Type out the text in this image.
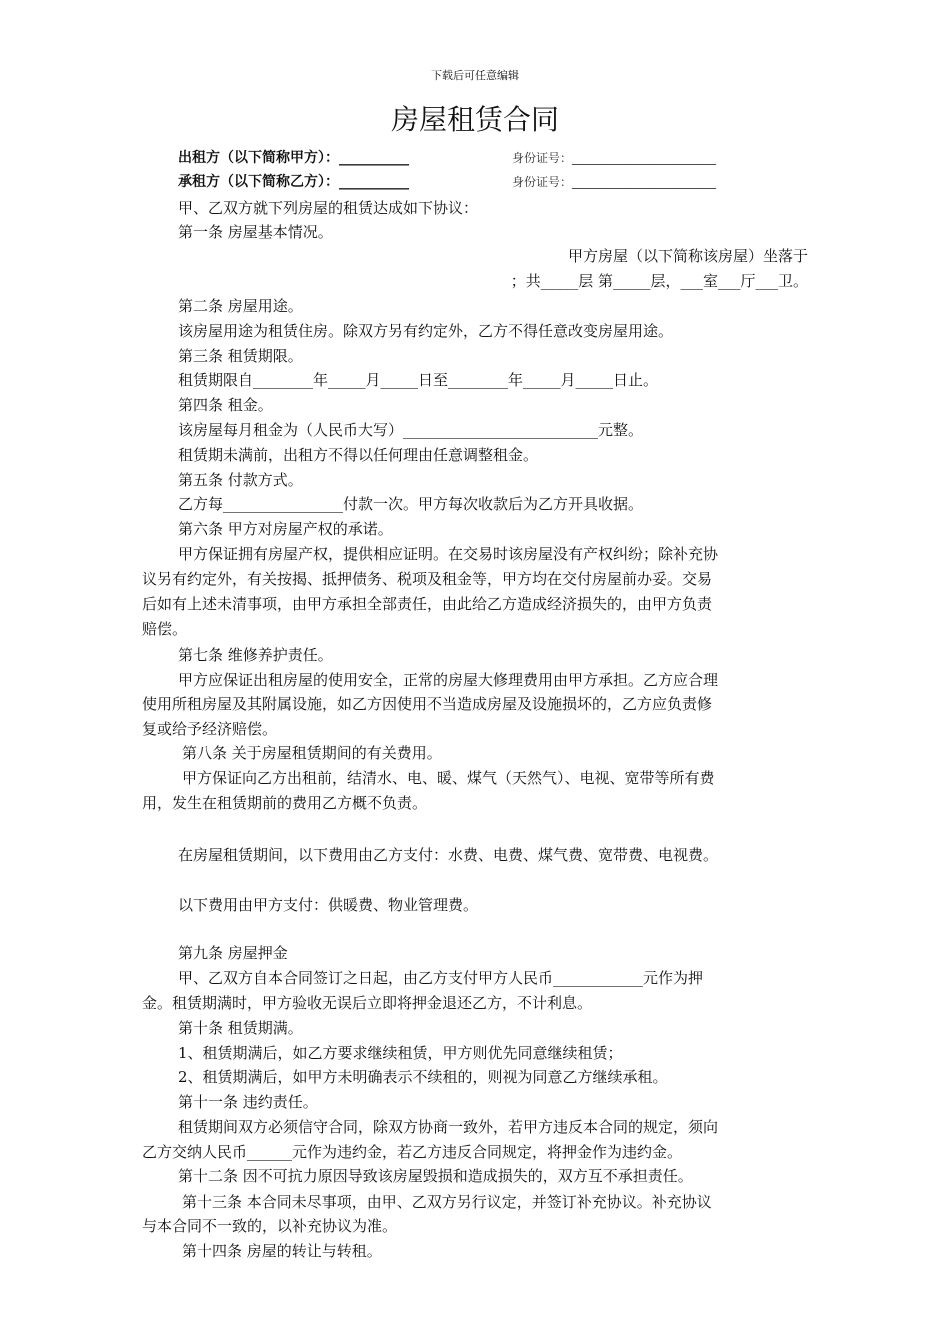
下载后可任意编辑
房屋租赁合同
出租方（以下简称甲方）：__________	身份证号：________________________
承租方（以下简称乙方）：__________	身份证号：________________________
甲、乙双方就下列房屋的租赁达成如下协议：
第一条 房屋基本情况。
甲方房屋（以下简称该房屋）坐落于
；共_____层 第_____层，___室___厅___卫。
第二条 房屋用途。
该房屋用途为租赁住房。除双方另有约定外，乙方不得任意改变房屋用途。
第三条 租赁期限。
租赁期限自________年_____月_____日至________年_____月_____日止。
第四条 租金。
该房屋每月租金为（人民币大写）__________________________元整。
租赁期未满前，出租方不得以任何理由任意调整租金。
第五条 付款方式。
乙方每________________付款一次。甲方每次收款后为乙方开具收据。
第六条 甲方对房屋产权的承诺。
甲方保证拥有房屋产权，提供相应证明。在交易时该房屋没有产权纠纷；除补充协
议另有约定外，有关按揭、抵押债务、税项及租金等，甲方均在交付房屋前办妥。交易
后如有上述未清事项，由甲方承担全部责任，由此给乙方造成经济损失的，由甲方负责
赔偿。
第七条 维修养护责任。
甲方应保证出租房屋的使用安全，正常的房屋大修理费用由甲方承担。乙方应合理
使用所租房屋及其附属设施，如乙方因使用不当造成房屋及设施损坏的，乙方应负责修
复或给予经济赔偿。
第八条 关于房屋租赁期间的有关费用。
甲方保证向乙方出租前，结清水、电、暖、煤气（天然气）、电视、宽带等所有费
用，发生在租赁期前的费用乙方概不负责。
在房屋租赁期间，以下费用由乙方支付：水费、电费、煤气费、宽带费、电视费。
以下费用由甲方支付：供暖费、物业管理费。
第九条 房屋押金
甲、乙双方自本合同签订之日起，由乙方支付甲方人民币____________元作为押
金。租赁期满时，甲方验收无误后立即将押金退还乙方，不计利息。
第十条 租赁期满。
1、租赁期满后，如乙方要求继续租赁，甲方则优先同意继续租赁；
2、租赁期满后，如甲方未明确表示不续租的，则视为同意乙方继续承租。
第十一条 违约责任。
租赁期间双方必须信守合同，除双方协商一致外，若甲方违反本合同的规定，须向
乙方交纳人民币______元作为违约金，若乙方违反合同规定，将押金作为违约金。
第十二条 因不可抗力原因导致该房屋毁损和造成损失的，双方互不承担责任。
第十三条 本合同未尽事项，由甲、乙双方另行议定，并签订补充协议。补充协议
与本合同不一致的，以补充协议为准。
第十四条 房屋的转让与转租。
